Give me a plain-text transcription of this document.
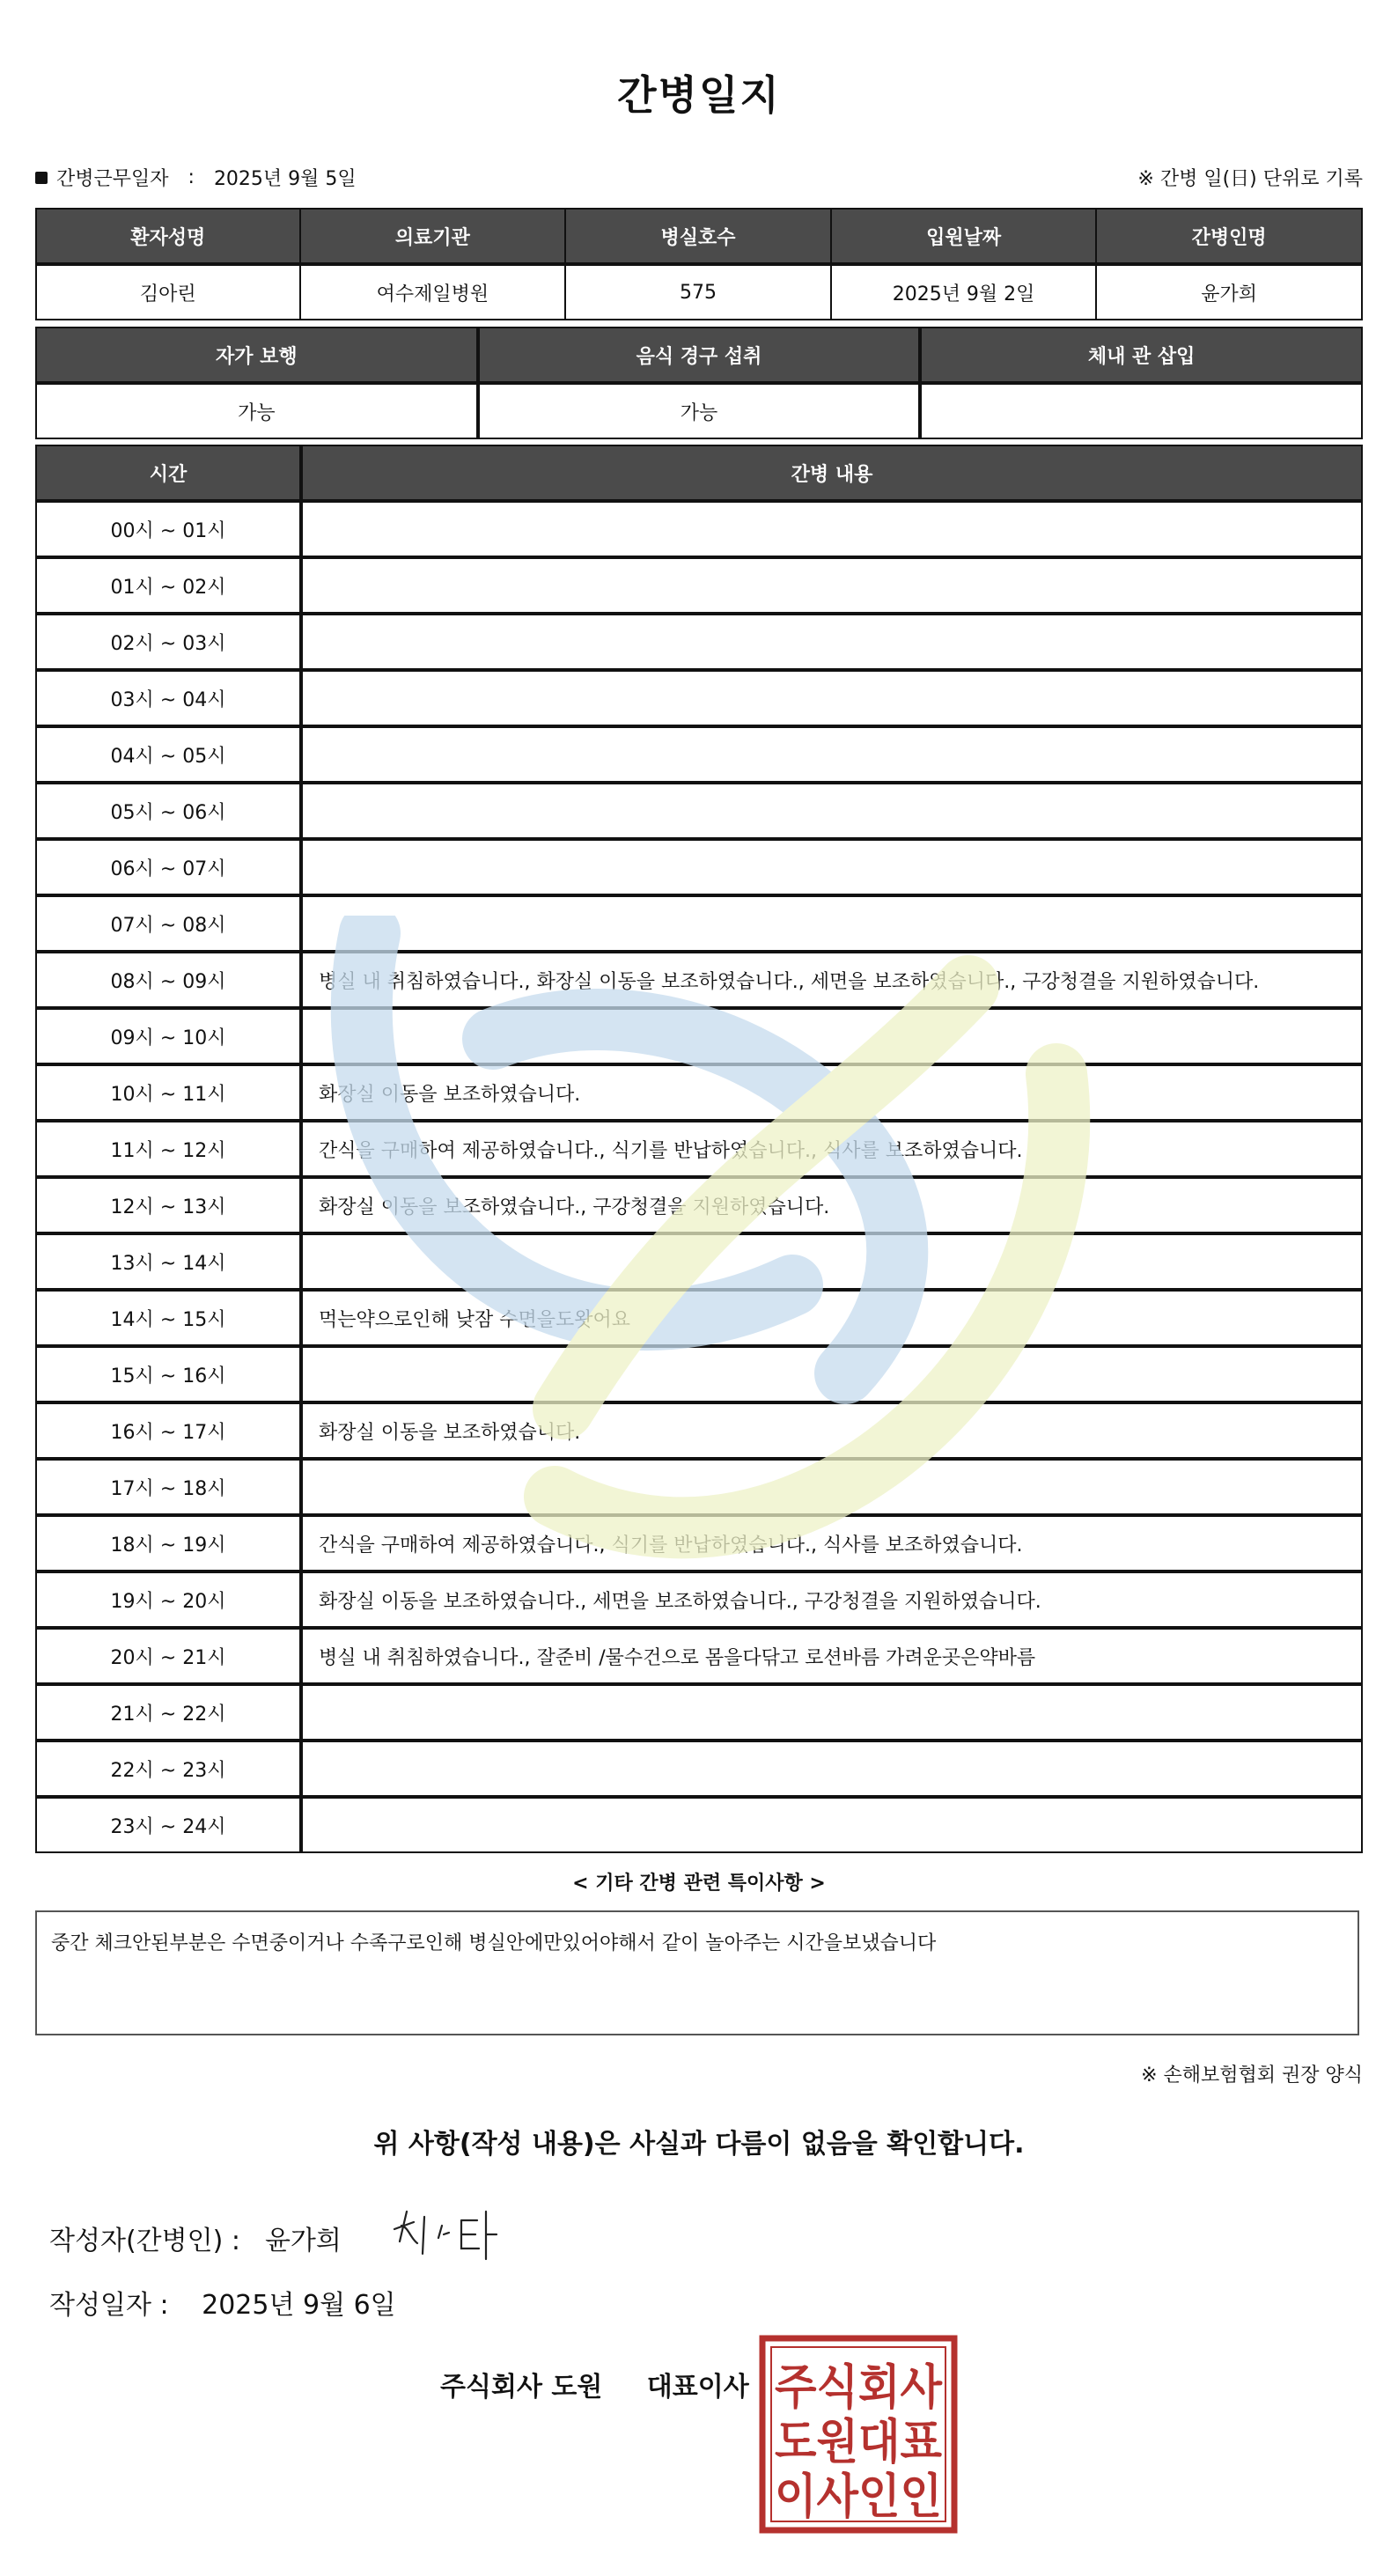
간병일지
간병근무일자 : 2025년 9월 5일	※ 간병 일(日) 단위로 기록
환자성명	의료기관	병실호수	입원날짜	간병인명
김아린	여수제일병원	575	2025년 9월 2일	윤가희
자가 보행	음식 경구 섭취	체내 관 삽입
가능	가능	
시간	간병 내용
00시 ~ 01시	
01시 ~ 02시	
02시 ~ 03시	
03시 ~ 04시	
04시 ~ 05시	
05시 ~ 06시	
06시 ~ 07시	
07시 ~ 08시	
08시 ~ 09시	병실 내 취침하였습니다., 화장실 이동을 보조하였습니다., 세면을 보조하였습니다., 구강청결을 지원하였습니다.
09시 ~ 10시	
10시 ~ 11시	화장실 이동을 보조하였습니다.
11시 ~ 12시	간식을 구매하여 제공하였습니다., 식기를 반납하였습니다., 식사를 보조하였습니다.
12시 ~ 13시	화장실 이동을 보조하였습니다., 구강청결을 지원하였습니다.
13시 ~ 14시	
14시 ~ 15시	먹는약으로인해 낮잠 수면을도왓어요
15시 ~ 16시	
16시 ~ 17시	화장실 이동을 보조하였습니다.
17시 ~ 18시	
18시 ~ 19시	간식을 구매하여 제공하였습니다., 식기를 반납하였습니다., 식사를 보조하였습니다.
19시 ~ 20시	화장실 이동을 보조하였습니다., 세면을 보조하였습니다., 구강청결을 지원하였습니다.
20시 ~ 21시	병실 내 취침하였습니다., 잘준비 /물수건으로 몸을다닦고 로션바름 가려운곳은약바름
21시 ~ 22시	
22시 ~ 23시	
23시 ~ 24시	
< 기타 간병 관련 특이사항 >
중간 체크안된부분은 수면중이거나 수족구로인해 병실안에만있어야해서 같이 놀아주는 시간을보냈습니다
※ 손해보험협회 권장 양식
위 사항(작성 내용)은 사실과 다름이 없음을 확인합니다.
작성자(간병인) : 윤가희
작성일자 : 2025년 9월 6일
주식회사 도원 대표이사 주식회사
도원대표
이사인인
